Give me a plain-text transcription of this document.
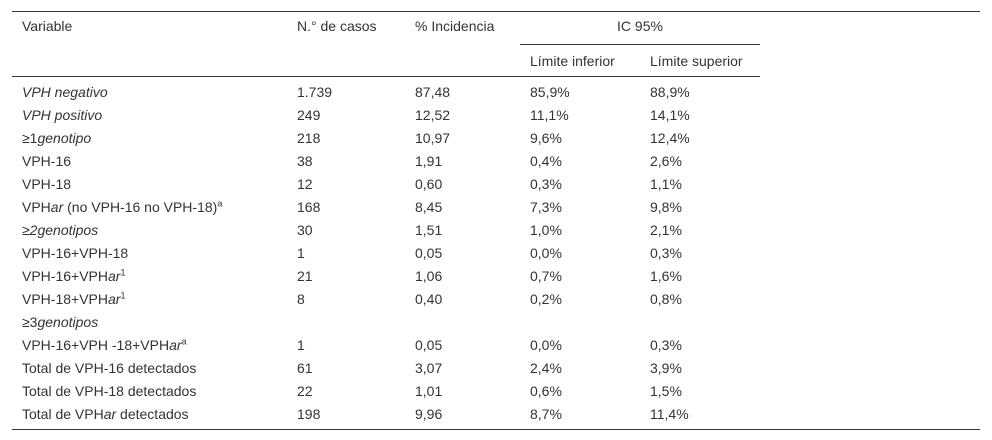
Variable	N.° de casos	% Incidencia	IC 95%		
			Límite inferior	Límite superior	
VPH negativo	1.739	87,48	85,9%	88,9%	
VPH positivo	249	12,52	11,1%	14,1%	
≥1genotipo	218	10,97	9,6%	12,4%	
VPH-16	38	1,91	0,4%	2,6%	
VPH-18	12	0,60	0,3%	1,1%	
VPHar (no VPH-16 no VPH-18)$^a$	168	8,45	7,3%	9,8%	
≥2genotipos	30	1,51	1,0%	2,1%	
VPH-16+VPH-18	1	0,05	0,0%	0,3%	
VPH-16+VPHar$^1$	21	1,06	0,7%	1,6%	
VPH-18+VPHar$^1$	8	0,40	0,2%	0,8%	
≥3genotipos					
VPH-16+VPH -18+VPHar$^a$	1	0,05	0,0%	0,3%	
Total de VPH-16 detectados	61	3,07	2,4%	3,9%	
Total de VPH-18 detectados	22	1,01	0,6%	1,5%	
Total de VPHar detectados	198	9,96	8,7%	11,4%	
